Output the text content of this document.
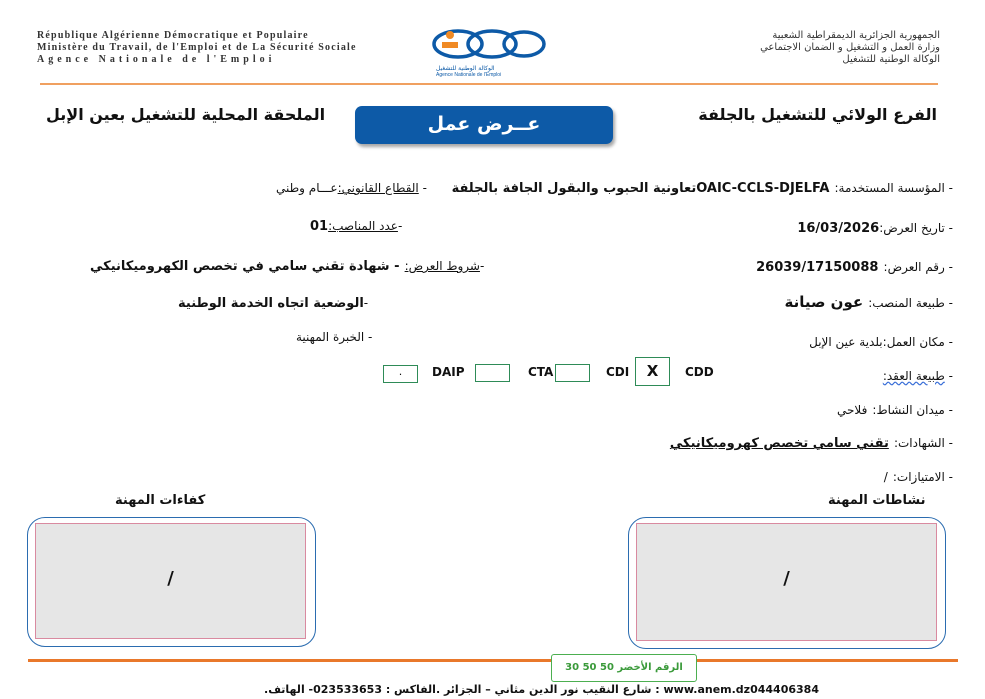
République Algérienne Démocratique et Populaire
Ministère du Travail, de l'Emploi et de La Sécurité Sociale
Agence Nationale de l'Emploi
الجمهورية الجزائرية الديمقراطية الشعبية
وزارة العمل و التشغيل و الضمان الاجتماعي
الوكالة الوطنية للتشغيل
الوكالة الوطنية للتشغيل
Agence Nationale de l'Emploi
الفرع الولائي للتشغيل بالجلفة
الملحقة المحلية للتشغيل بعين الإبل	عــرض عمل
- المؤسسة المستخدمة: OAIC-CCLS-DJELFAتعاونية الحبوب والبقول الجافة بالجلفة
- القطاع القانوني:عـــام وطني
- تاريخ العرض:16/03/2026
-عدد المناصب:01
- رقم العرض: 26039/17150088
-شروط العرض: - شهادة تقني سامي في تخصص الكهروميكانيكي
- طبيعة المنصب: عون صيانة
-الوضعية اتجاه الخدمة الوطنية
- مكان العمل:بلدية عين الإبل
- الخبرة المهنية
- طبيعة العقد:
CDD
X
CDI
CTA
DAIP
.
- ميدان النشاط: فلاحي
- الشهادات: تقني سامي تخصص كهروميكانيكي
- الامتيازات: /
نشاطات المهنة
كفاءات المهنة
/
/
الرقم الأخضر 50 50 30
.شارع النقيب نور الدين مثاني – الجزائر .الفاكس : 023533653- الهاتف : www.anem.dz044406384
